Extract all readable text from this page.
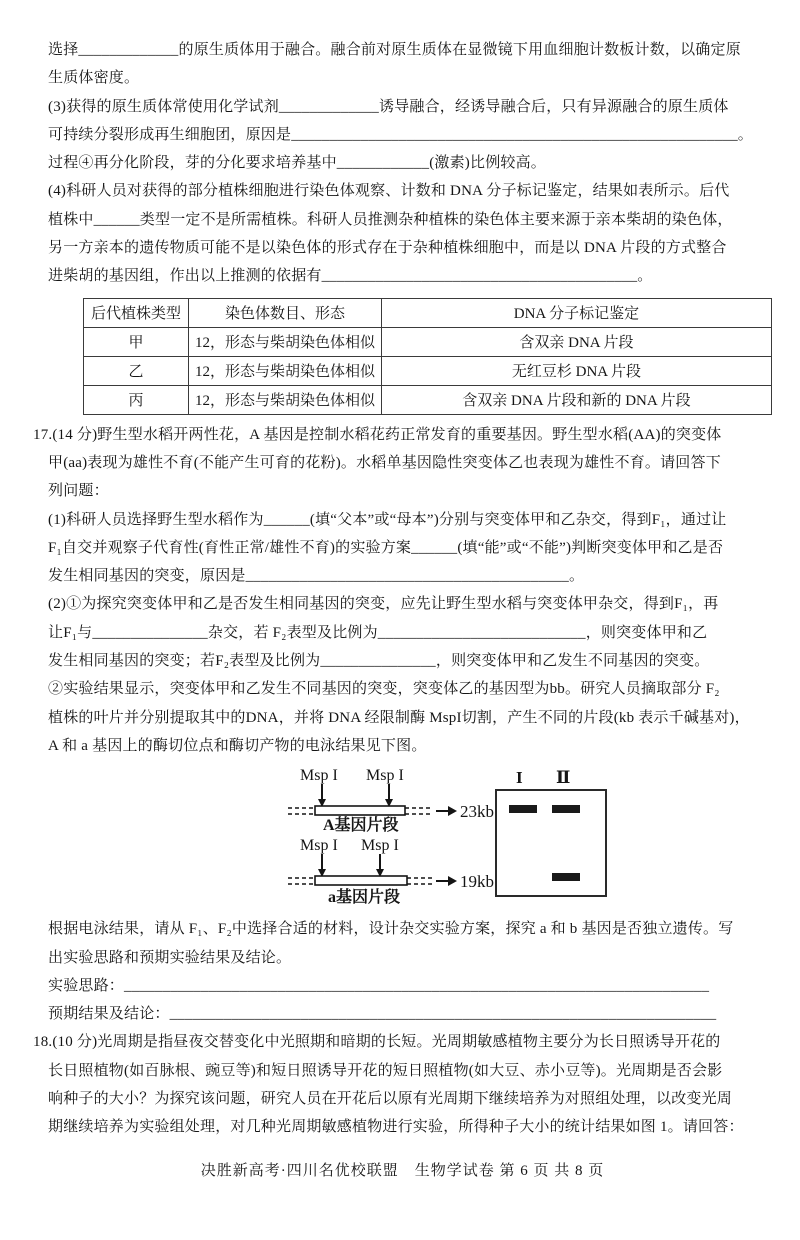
选择_____________的原生质体用于融合。融合前对原生质体在显微镜下用血细胞计数板计数，以确定原
生质体密度。
(3)获得的原生质体常使用化学试剂_____________诱导融合，经诱导融合后，只有异源融合的原生质体
可持续分裂形成再生细胞团，原因是__________________________________________________________。
过程④再分化阶段，芽的分化要求培养基中____________(激素)比例较高。
(4)科研人员对获得的部分植株细胞进行染色体观察、计数和 DNA 分子标记鉴定，结果如表所示。后代
植株中______类型一定不是所需植株。科研人员推测杂种植株的染色体主要来源于亲本柴胡的染色体，
另一方亲本的遗传物质可能不是以染色体的形式存在于杂种植株细胞中，而是以 DNA 片段的方式整合
进柴胡的基因组，作出以上推测的依据有_________________________________________。
后代植株类型	染色体数目、形态	DNA 分子标记鉴定
甲	12，形态与柴胡染色体相似	含双亲 DNA 片段
乙	12，形态与柴胡染色体相似	无红豆杉 DNA 片段
丙	12，形态与柴胡染色体相似	含双亲 DNA 片段和新的 DNA 片段
17.(14 分)野生型水稻开两性花，A 基因是控制水稻花药正常发育的重要基因。野生型水稻(AA)的突变体
甲(aa)表现为雄性不育(不能产生可育的花粉)。水稻单基因隐性突变体乙也表现为雄性不育。请回答下
列问题：
(1)科研人员选择野生型水稻作为______(填“父本”或“母本”)分别与突变体甲和乙杂交，得到F₁，通过让
F₁自交并观察子代育性(育性正常/雄性不育)的实验方案______(填“能”或“不能”)判断突变体甲和乙是否
发生相同基因的突变，原因是__________________________________________。
(2)①为探究突变体甲和乙是否发生相同基因的突变，应先让野生型水稻与突变体甲杂交，得到F₁，再
让F₁与_______________杂交，若 F₂表型及比例为___________________________，则突变体甲和乙
发生相同基因的突变；若F₂表型及比例为_______________，则突变体甲和乙发生不同基因的突变。
②实验结果显示，突变体甲和乙发生不同基因的突变，突变体乙的基因型为bb。研究人员摘取部分 F₂
植株的叶片并分别提取其中的DNA，并将 DNA 经限制酶 MspI切割，产生不同的片段(kb 表示千碱基对)，
A 和 a 基因上的酶切位点和酶切产物的电泳结果见下图。
Msp I Msp I
23kb
A基因片段
Msp I Msp I
19kb
a基因片段
I Ⅱ
根据电泳结果，请从 F₁、F₂中选择合适的材料，设计杂交实验方案，探究 a 和 b 基因是否独立遗传。写
出实验思路和预期实验结果及结论。
实验思路：____________________________________________________________________________
预期结果及结论：_______________________________________________________________________
18.(10 分)光周期是指昼夜交替变化中光照期和暗期的长短。光周期敏感植物主要分为长日照诱导开花的
长日照植物(如百脉根、豌豆等)和短日照诱导开花的短日照植物(如大豆、赤小豆等)。光周期是否会影
响种子的大小？为探究该问题，研究人员在开花后以原有光周期下继续培养为对照组处理，以改变光周
期继续培养为实验组处理，对几种光周期敏感植物进行实验，所得种子大小的统计结果如图 1。请回答：
决胜新高考·四川名优校联盟　生物学试卷 第 6 页 共 8 页
